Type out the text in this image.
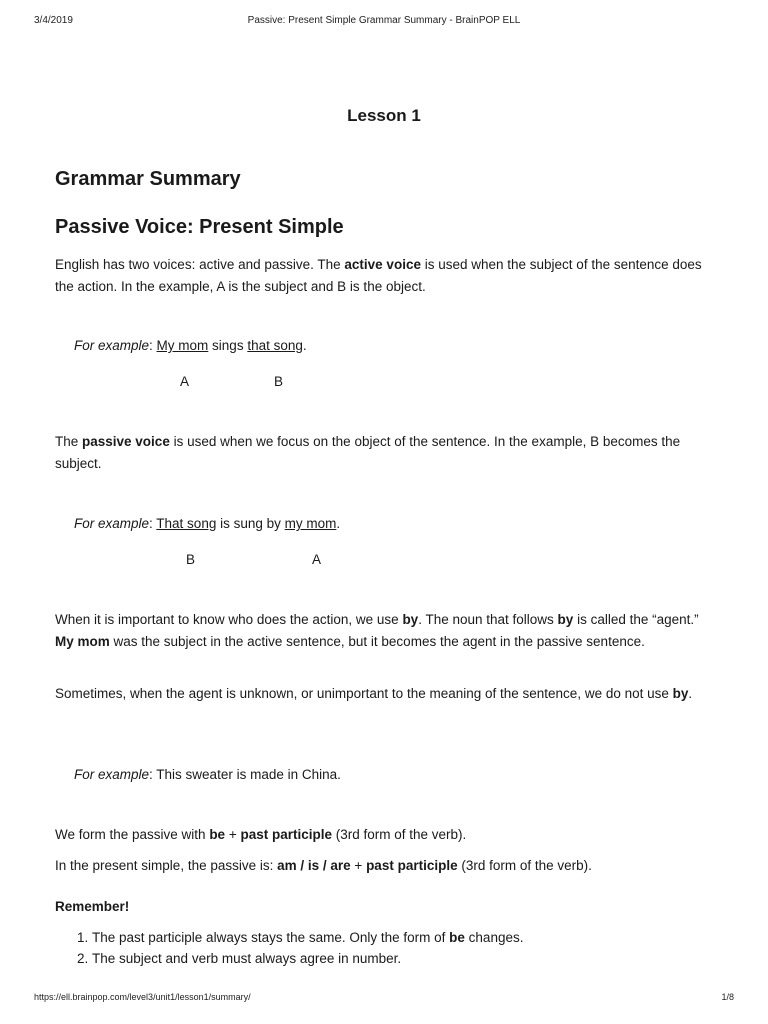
3/4/2019	Passive: Present Simple Grammar Summary - BrainPOP ELL
Lesson 1
Grammar Summary
Passive Voice: Present Simple
English has two voices: active and passive. The active voice is used when the subject of the sentence does the action. In the example, A is the subject and B is the object.
For example: My mom sings that song.
A	B
The passive voice is used when we focus on the object of the sentence. In the example, B becomes the subject.
For example: That song is sung by my mom.
B	A
When it is important to know who does the action, we use by. The noun that follows by is called the “agent.” My mom was the subject in the active sentence, but it becomes the agent in the passive sentence.
Sometimes, when the agent is unknown, or unimportant to the meaning of the sentence, we do not use by.
For example: This sweater is made in China.
We form the passive with be + past participle (3rd form of the verb).
In the present simple, the passive is: am / is / are + past participle (3rd form of the verb).
Remember!
1. The past participle always stays the same. Only the form of be changes.
2. The subject and verb must always agree in number.
https://ell.brainpop.com/level3/unit1/lesson1/summary/	1/8
